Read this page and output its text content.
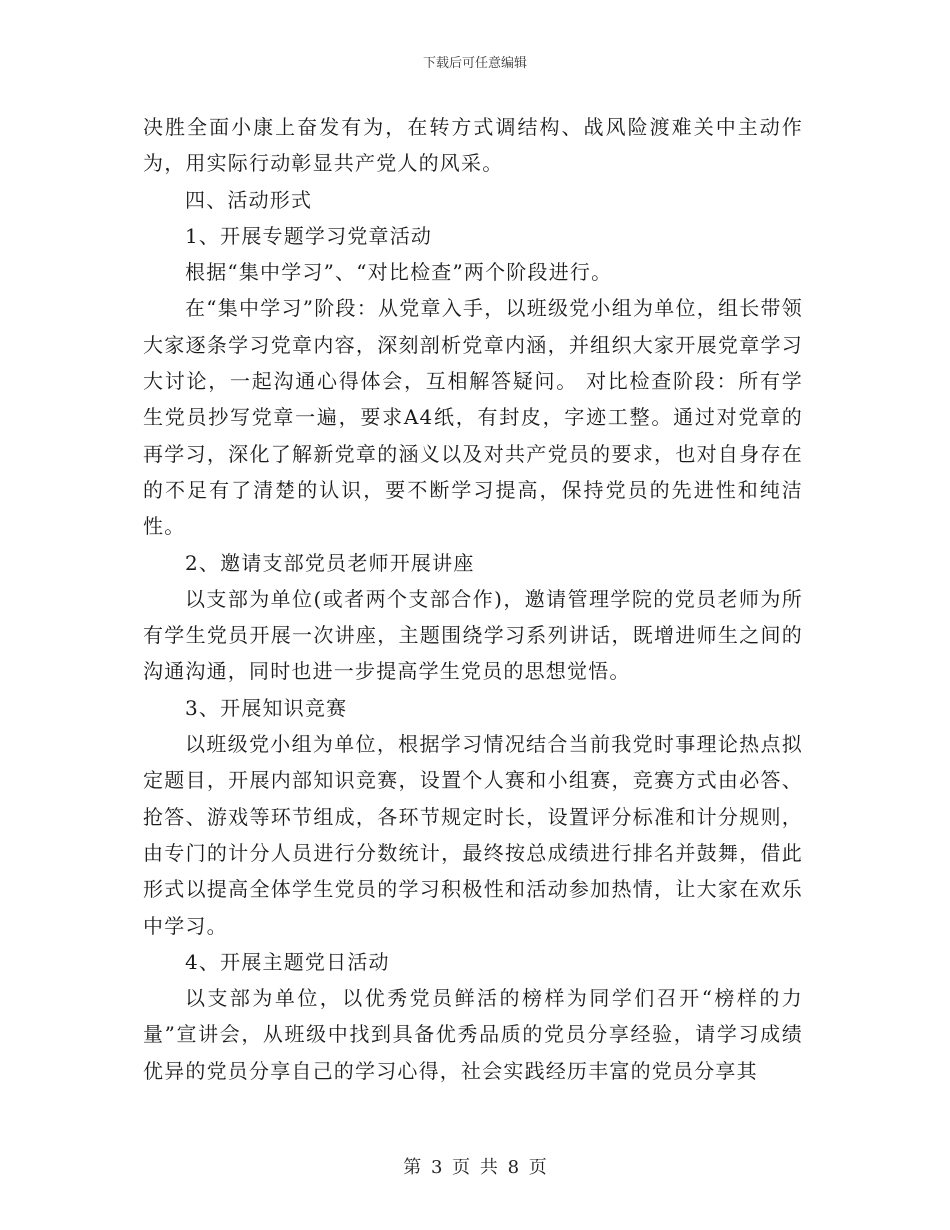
下载后可任意编辑

决胜全面小康上奋发有为，在转方式调结构、战风险渡难关中主动作为，用实际行动彰显共产党人的风采。

四、活动形式

1、开展专题学习党章活动

根据“集中学习”、“对比检查”两个阶段进行。

在“集中学习”阶段：从党章入手，以班级党小组为单位，组长带领大家逐条学习党章内容，深刻剖析党章内涵，并组织大家开展党章学习大讨论，一起沟通心得体会，互相解答疑问。 对比检查阶段：所有学生党员抄写党章一遍，要求A4纸，有封皮，字迹工整。通过对党章的再学习，深化了解新党章的涵义以及对共产党员的要求，也对自身存在的不足有了清楚的认识，要不断学习提高，保持党员的先进性和纯洁性。

2、邀请支部党员老师开展讲座

以支部为单位(或者两个支部合作)，邀请管理学院的党员老师为所有学生党员开展一次讲座，主题围绕学习系列讲话，既增进师生之间的沟通沟通，同时也进一步提高学生党员的思想觉悟。

3、开展知识竞赛

以班级党小组为单位，根据学习情况结合当前我党时事理论热点拟定题目，开展内部知识竞赛，设置个人赛和小组赛，竞赛方式由必答、抢答、游戏等环节组成，各环节规定时长，设置评分标准和计分规则，由专门的计分人员进行分数统计，最终按总成绩进行排名并鼓舞，借此形式以提高全体学生党员的学习积极性和活动参加热情，让大家在欢乐中学习。

4、开展主题党日活动

以支部为单位，以优秀党员鲜活的榜样为同学们召开“榜样的力量”宣讲会，从班级中找到具备优秀品质的党员分享经验，请学习成绩优异的党员分享自己的学习心得，社会实践经历丰富的党员分享其

第 3 页 共 8 页
